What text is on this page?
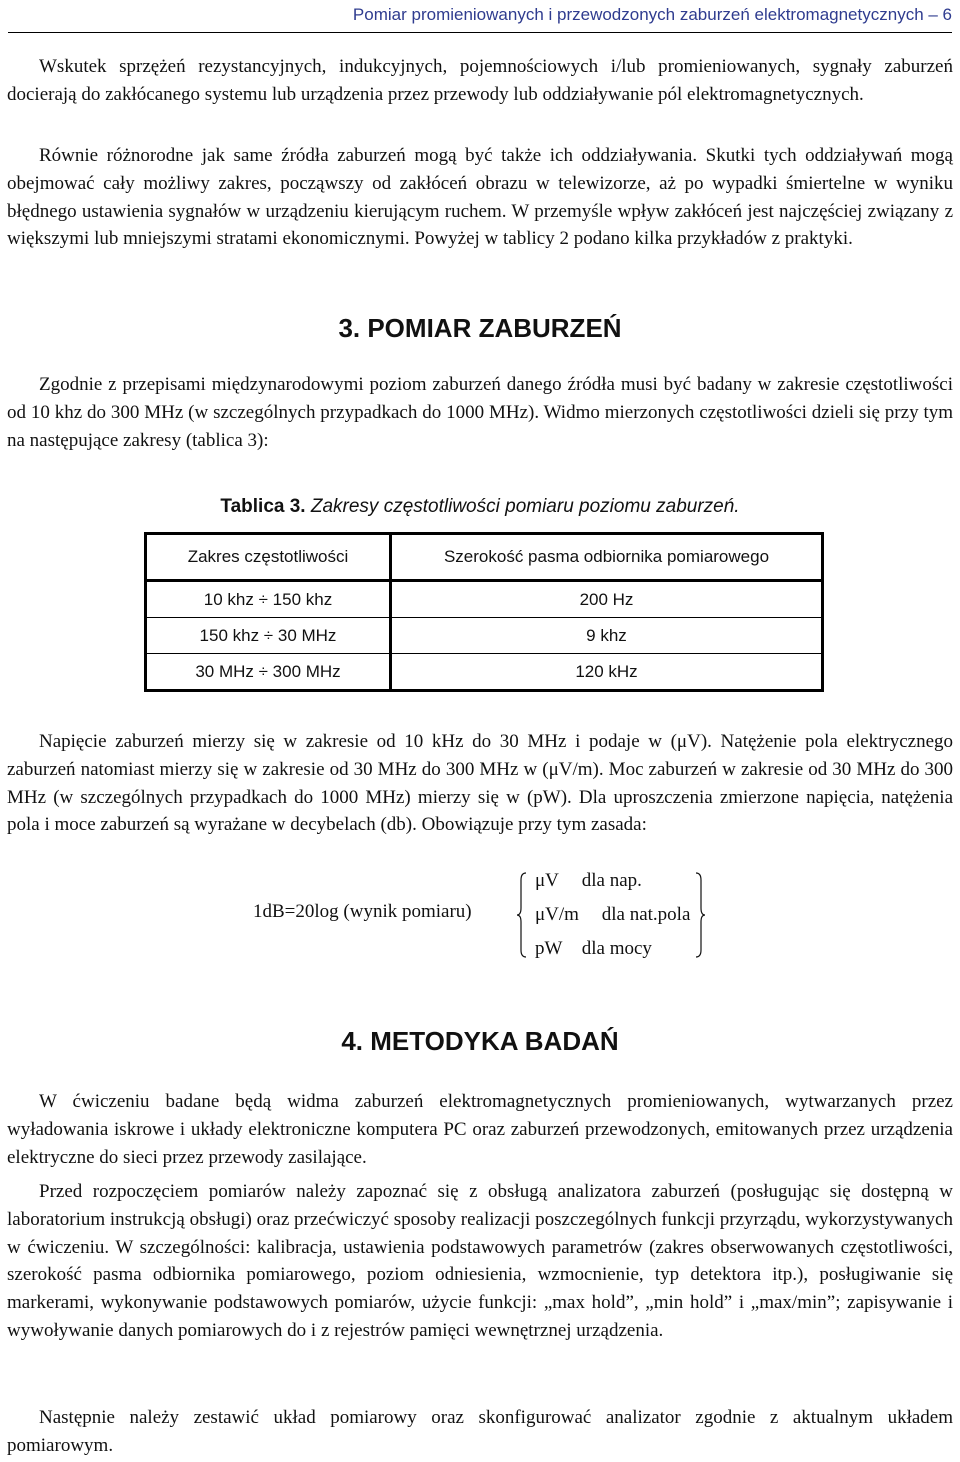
Pomiar promieniowanych i przewodzonych zaburzeń elektromagnetycznych – 6

Wskutek sprzężeń rezystancyjnych, indukcyjnych, pojemnościowych i/lub promieniowanych, sygnały zaburzeń docierają do zakłócanego systemu lub urządzenia przez przewody lub oddziaływanie pól elektromagnetycznych.

Równie różnorodne jak same źródła zaburzeń mogą być także ich oddziaływania. Skutki tych oddziaływań mogą obejmować cały możliwy zakres, począwszy od zakłóceń obrazu w telewizorze, aż po wypadki śmiertelne w wyniku błędnego ustawienia sygnałów w urządzeniu kierującym ruchem. W przemyśle wpływ zakłóceń jest najczęściej związany z większymi lub mniejszymi stratami ekonomicznymi. Powyżej w tablicy 2 podano kilka przykładów z praktyki.

3. POMIAR ZABURZEŃ

Zgodnie z przepisami międzynarodowymi poziom zaburzeń danego źródła musi być badany w zakresie częstotliwości od 10 khz do 300 MHz (w szczególnych przypadkach do 1000 MHz). Widmo mierzonych częstotliwości dzieli się przy tym na następujące zakresy (tablica 3):

Tablica 3. Zakresy częstotliwości pomiaru poziomu zaburzeń.
Zakres częstotliwości	Szerokość pasma odbiornika pomiarowego
10 khz ÷ 150 khz	200 Hz
150 khz ÷ 30 MHz	9 khz
30 MHz ÷ 300 MHz	120 kHz

Napięcie zaburzeń mierzy się w zakresie od 10 kHz do 30 MHz i podaje w (μV). Natężenie pola elektrycznego zaburzeń natomiast mierzy się w zakresie od 30 MHz do 300 MHz w (μV/m). Moc zaburzeń w zakresie od 30 MHz do 300 MHz (w szczególnych przypadkach do 1000 MHz) mierzy się w (pW). Dla uproszczenia zmierzone napięcia, natężenia pola i moce zaburzeń są wyrażane w decybelach (db). Obowiązuje przy tym zasada:

1dB=20log (wynik pomiaru)
μV dla nap.
μV/m dla nat.pola
pW dla mocy
4. METODYKA BADAŃ

W ćwiczeniu badane będą widma zaburzeń elektromagnetycznych promieniowanych, wytwarzanych przez wyładowania iskrowe i układy elektroniczne komputera PC oraz zaburzeń przewodzonych, emitowanych przez urządzenia elektryczne do sieci przez przewody zasilające.

Przed rozpoczęciem pomiarów należy zapoznać się z obsługą analizatora zaburzeń (posługując się dostępną w laboratorium instrukcją obsługi) oraz przećwiczyć sposoby realizacji poszczególnych funkcji przyrządu, wykorzystywanych w ćwiczeniu. W szczególności: kalibracja, ustawienia podstawowych parametrów (zakres obserwowanych częstotliwości, szerokość pasma odbiornika pomiarowego, poziom odniesienia, wzmocnienie, typ detektora itp.), posługiwanie się markerami, wykonywanie podstawowych pomiarów, użycie funkcji: „max hold”, „min hold” i „max/min”; zapisywanie i wywoływanie danych pomiarowych do i z rejestrów pamięci wewnętrznej urządzenia.

Następnie należy zestawić układ pomiarowy oraz skonfigurować analizator zgodnie z aktualnym układem pomiarowym.
